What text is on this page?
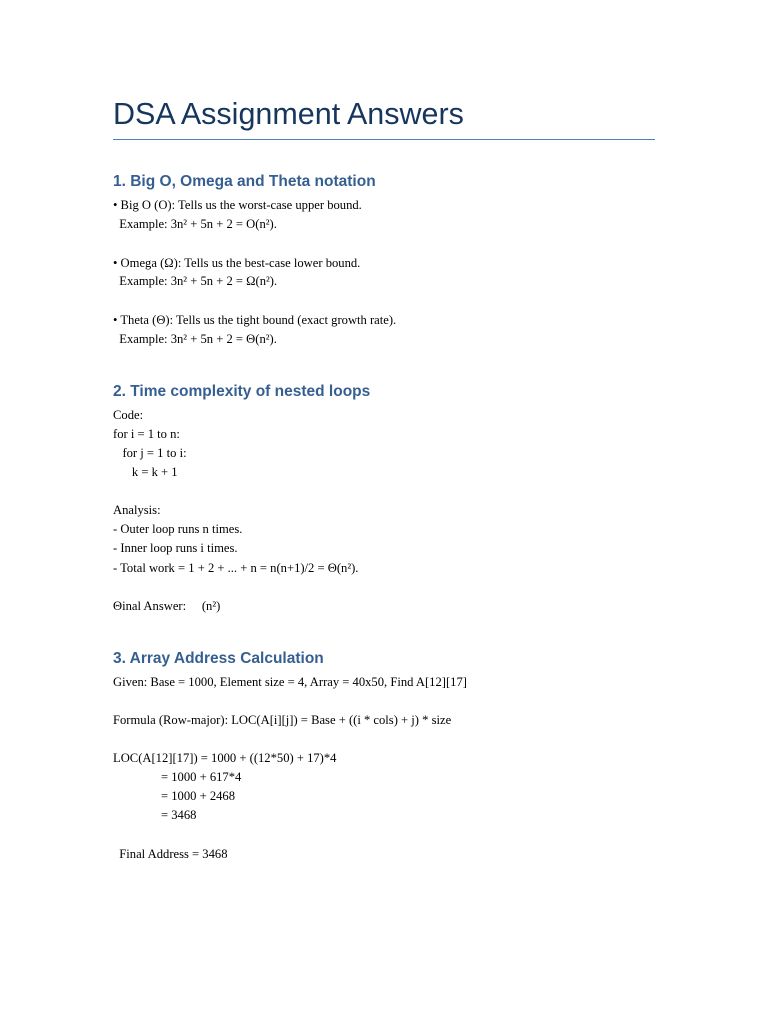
DSA Assignment Answers
1. Big O, Omega and Theta notation
• Big O (O): Tells us the worst-case upper bound.
Example: 3n² + 5n + 2 = O(n²).
• Omega (Ω): Tells us the best-case lower bound.
Example: 3n² + 5n + 2 = Ω(n²).
• Theta (Θ): Tells us the tight bound (exact growth rate).
Example: 3n² + 5n + 2 = Θ(n²).
2. Time complexity of nested loops
Code:
for i = 1 to n:
for j = 1 to i:
k = k + 1
Analysis:
- Outer loop runs n times.
- Inner loop runs i times.
- Total work = 1 + 2 + ... + n = n(n+1)/2 = Θ(n²).
Θinal Answer:     (n²)
3. Array Address Calculation
Given: Base = 1000, Element size = 4, Array = 40x50, Find A[12][17]
Formula (Row-major): LOC(A[i][j]) = Base + ((i * cols) + j) * size
LOC(A[12][17]) = 1000 + ((12*50) + 17)*4
= 1000 + 617*4
= 1000 + 2468
= 3468
Final Address = 3468
